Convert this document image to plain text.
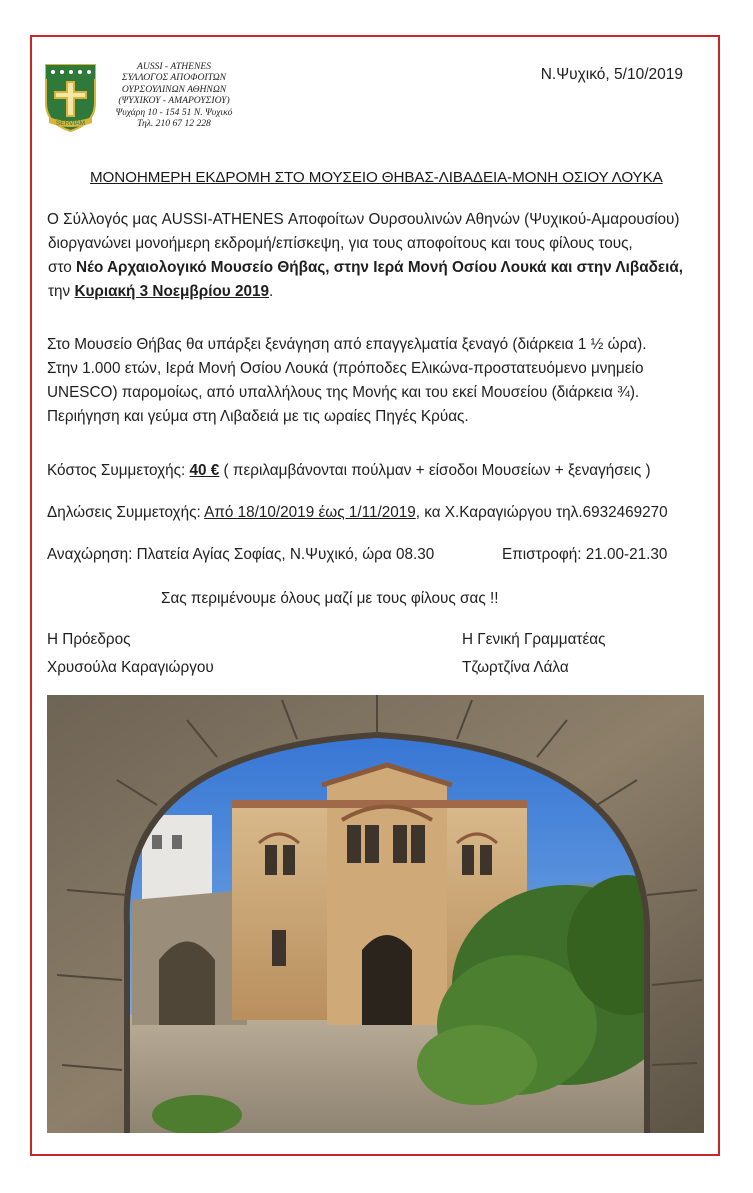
SERVIAM
AUSSI - ATHENES
ΣΥΛΛΟΓΟΣ ΑΠΟΦΟΙΤΩΝ
ΟΥΡΣΟΥΛΙΝΩΝ ΑΘΗΝΩΝ
(ΨΥΧΙΚΟΥ - ΑΜΑΡΟΥΣΙΟΥ)
Ψυχάρη 10 - 154 51 Ν. Ψυχικό
Τηλ. 210 67 12 228
Ν.Ψυχικό, 5/10/2019
ΜΟΝΟΗΜΕΡΗ ΕΚΔΡΟΜΗ ΣΤΟ ΜΟΥΣΕΙΟ ΘΗΒΑΣ-ΛΙΒΑΔΕΙΑ-ΜΟΝΗ ΟΣΙΟΥ ΛΟΥΚΑ
Ο Σύλλογός μας AUSSI-ATHENES Αποφοίτων Ουρσουλινών Αθηνών (Ψυχικού-Αμαρουσίου)
διοργανώνει μονοήμερη εκδρομή/επίσκεψη, για τους αποφοίτους και τους φίλους τους,
στο Νέο Αρχαιολογικό Μουσείο Θήβας, στην Ιερά Μονή Οσίου Λουκά και στην Λιβαδειά,
την Κυριακή 3 Νοεμβρίου 2019.
Στο Μουσείο Θήβας θα υπάρξει ξενάγηση από επαγγελματία ξεναγό (διάρκεια 1 ½ ώρα).
Στην 1.000 ετών, Ιερά Μονή Οσίου Λουκά (πρόποδες Ελικώνα-προστατευόμενο μνημείο
UNESCO) παρομοίως, από υπαλλήλους της Μονής και του εκεί Μουσείου (διάρκεια ¾).
Περιήγηση και γεύμα στη Λιβαδειά με τις ωραίες Πηγές Κρύας.
Κόστος Συμμετοχής: 40 € ( περιλαμβάνονται πούλμαν + είσοδοι Μουσείων + ξεναγήσεις )
Δηλώσεις Συμμετοχής: Από 18/10/2019 έως 1/11/2019, κα Χ.Καραγιώργου τηλ.6932469270
Αναχώρηση: Πλατεία Αγίας Σοφίας, Ν.Ψυχικό, ώρα 08.30	Επιστροφή: 21.00-21.30
Σας περιμένουμε όλους μαζί με τους φίλους σας !!
Η Πρόεδρος
Χρυσούλα Καραγιώργου
Η Γενική Γραμματέας
Τζωρτζίνα Λάλα
